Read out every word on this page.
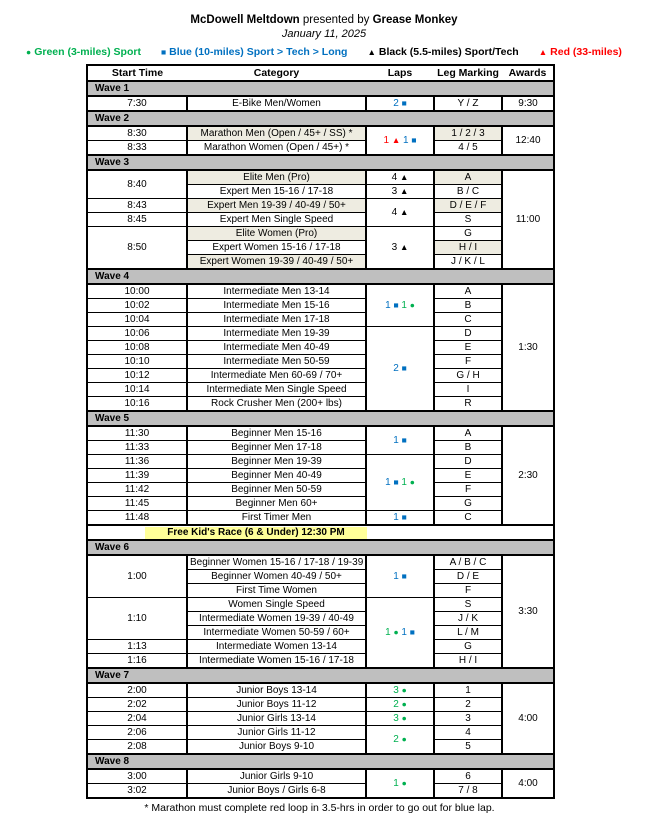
McDowell Meltdown presented by Grease Monkey
January 11, 2025
● Green (3-miles) Sport ■ Blue (10-miles) Sport > Tech > Long ▲ Black (5.5-miles) Sport/Tech ▲ Red (33-miles)
Start Time	Category	Laps	Leg Marking	Awards
Wave 1				
7:30	E-Bike Men/Women	2 ■	Y / Z	9:30
Wave 2				
8:30	Marathon Men (Open / 45+ / SS) *	1 ▲ 1 ■	1 / 2 / 3	12:40
8:33	Marathon Women (Open / 45+) *		4 / 5	
Wave 3				
8:40	Elite Men (Pro)	4 ▲	A	11:00
	Expert Men 15-16 / 17-18	3 ▲	B / C	
8:43	Expert Men 19-39 / 40-49 / 50+	4 ▲	D / E / F	
8:45	Expert Men Single Speed		S	
8:50	Elite Women (Pro)	3 ▲	G	
	Expert Women 15-16 / 17-18		H / I	
	Expert Women 19-39 / 40-49 / 50+		J / K / L	
Wave 4				
10:00	Intermediate Men 13-14	1 ■ 1 ●	A	1:30
10:02	Intermediate Men 15-16		B	
10:04	Intermediate Men 17-18		C	
10:06	Intermediate Men 19-39	2 ■	D	
10:08	Intermediate Men 40-49		E	
10:10	Intermediate Men 50-59		F	
10:12	Intermediate Men 60-69 / 70+		G / H	
10:14	Intermediate Men Single Speed		I	
10:16	Rock Crusher Men (200+ lbs)		R	
Wave 5				
11:30	Beginner Men 15-16	1 ■	A	2:30
11:33	Beginner Men 17-18		B	
11:36	Beginner Men 19-39	1 ■ 1 ●	D	
11:39	Beginner Men 40-49		E	
11:42	Beginner Men 50-59		F	
11:45	Beginner Men 60+		G	
11:48	First Timer Men	1 ■	C	
Free Kid's Race (6 & Under) 12:30 PM				
Wave 6				
1:00	Beginner Women 15-16 / 17-18 / 19-39	1 ■	A / B / C	3:30
	Beginner Women 40-49 / 50+		D / E	
	First Time Women		F	
1:10	Women Single Speed	1 ● 1 ■	S	
	Intermediate Women 19-39 / 40-49		J / K	
	Intermediate Women 50-59 / 60+		L / M	
1:13	Intermediate Women 13-14		G	
1:16	Intermediate Women 15-16 / 17-18		H / I	
Wave 7				
2:00	Junior Boys 13-14	3 ●	1	4:00
2:02	Junior Boys 11-12	2 ●	2	
2:04	Junior Girls 13-14	3 ●	3	
2:06	Junior Girls 11-12	2 ●	4	
2:08	Junior Boys 9-10		5	
Wave 8				
3:00	Junior Girls 9-10	1 ●	6	4:00
3:02	Junior Boys / Girls 6-8		7 / 8	
* Marathon must complete red loop in 3.5-hrs in order to go out for blue lap.
